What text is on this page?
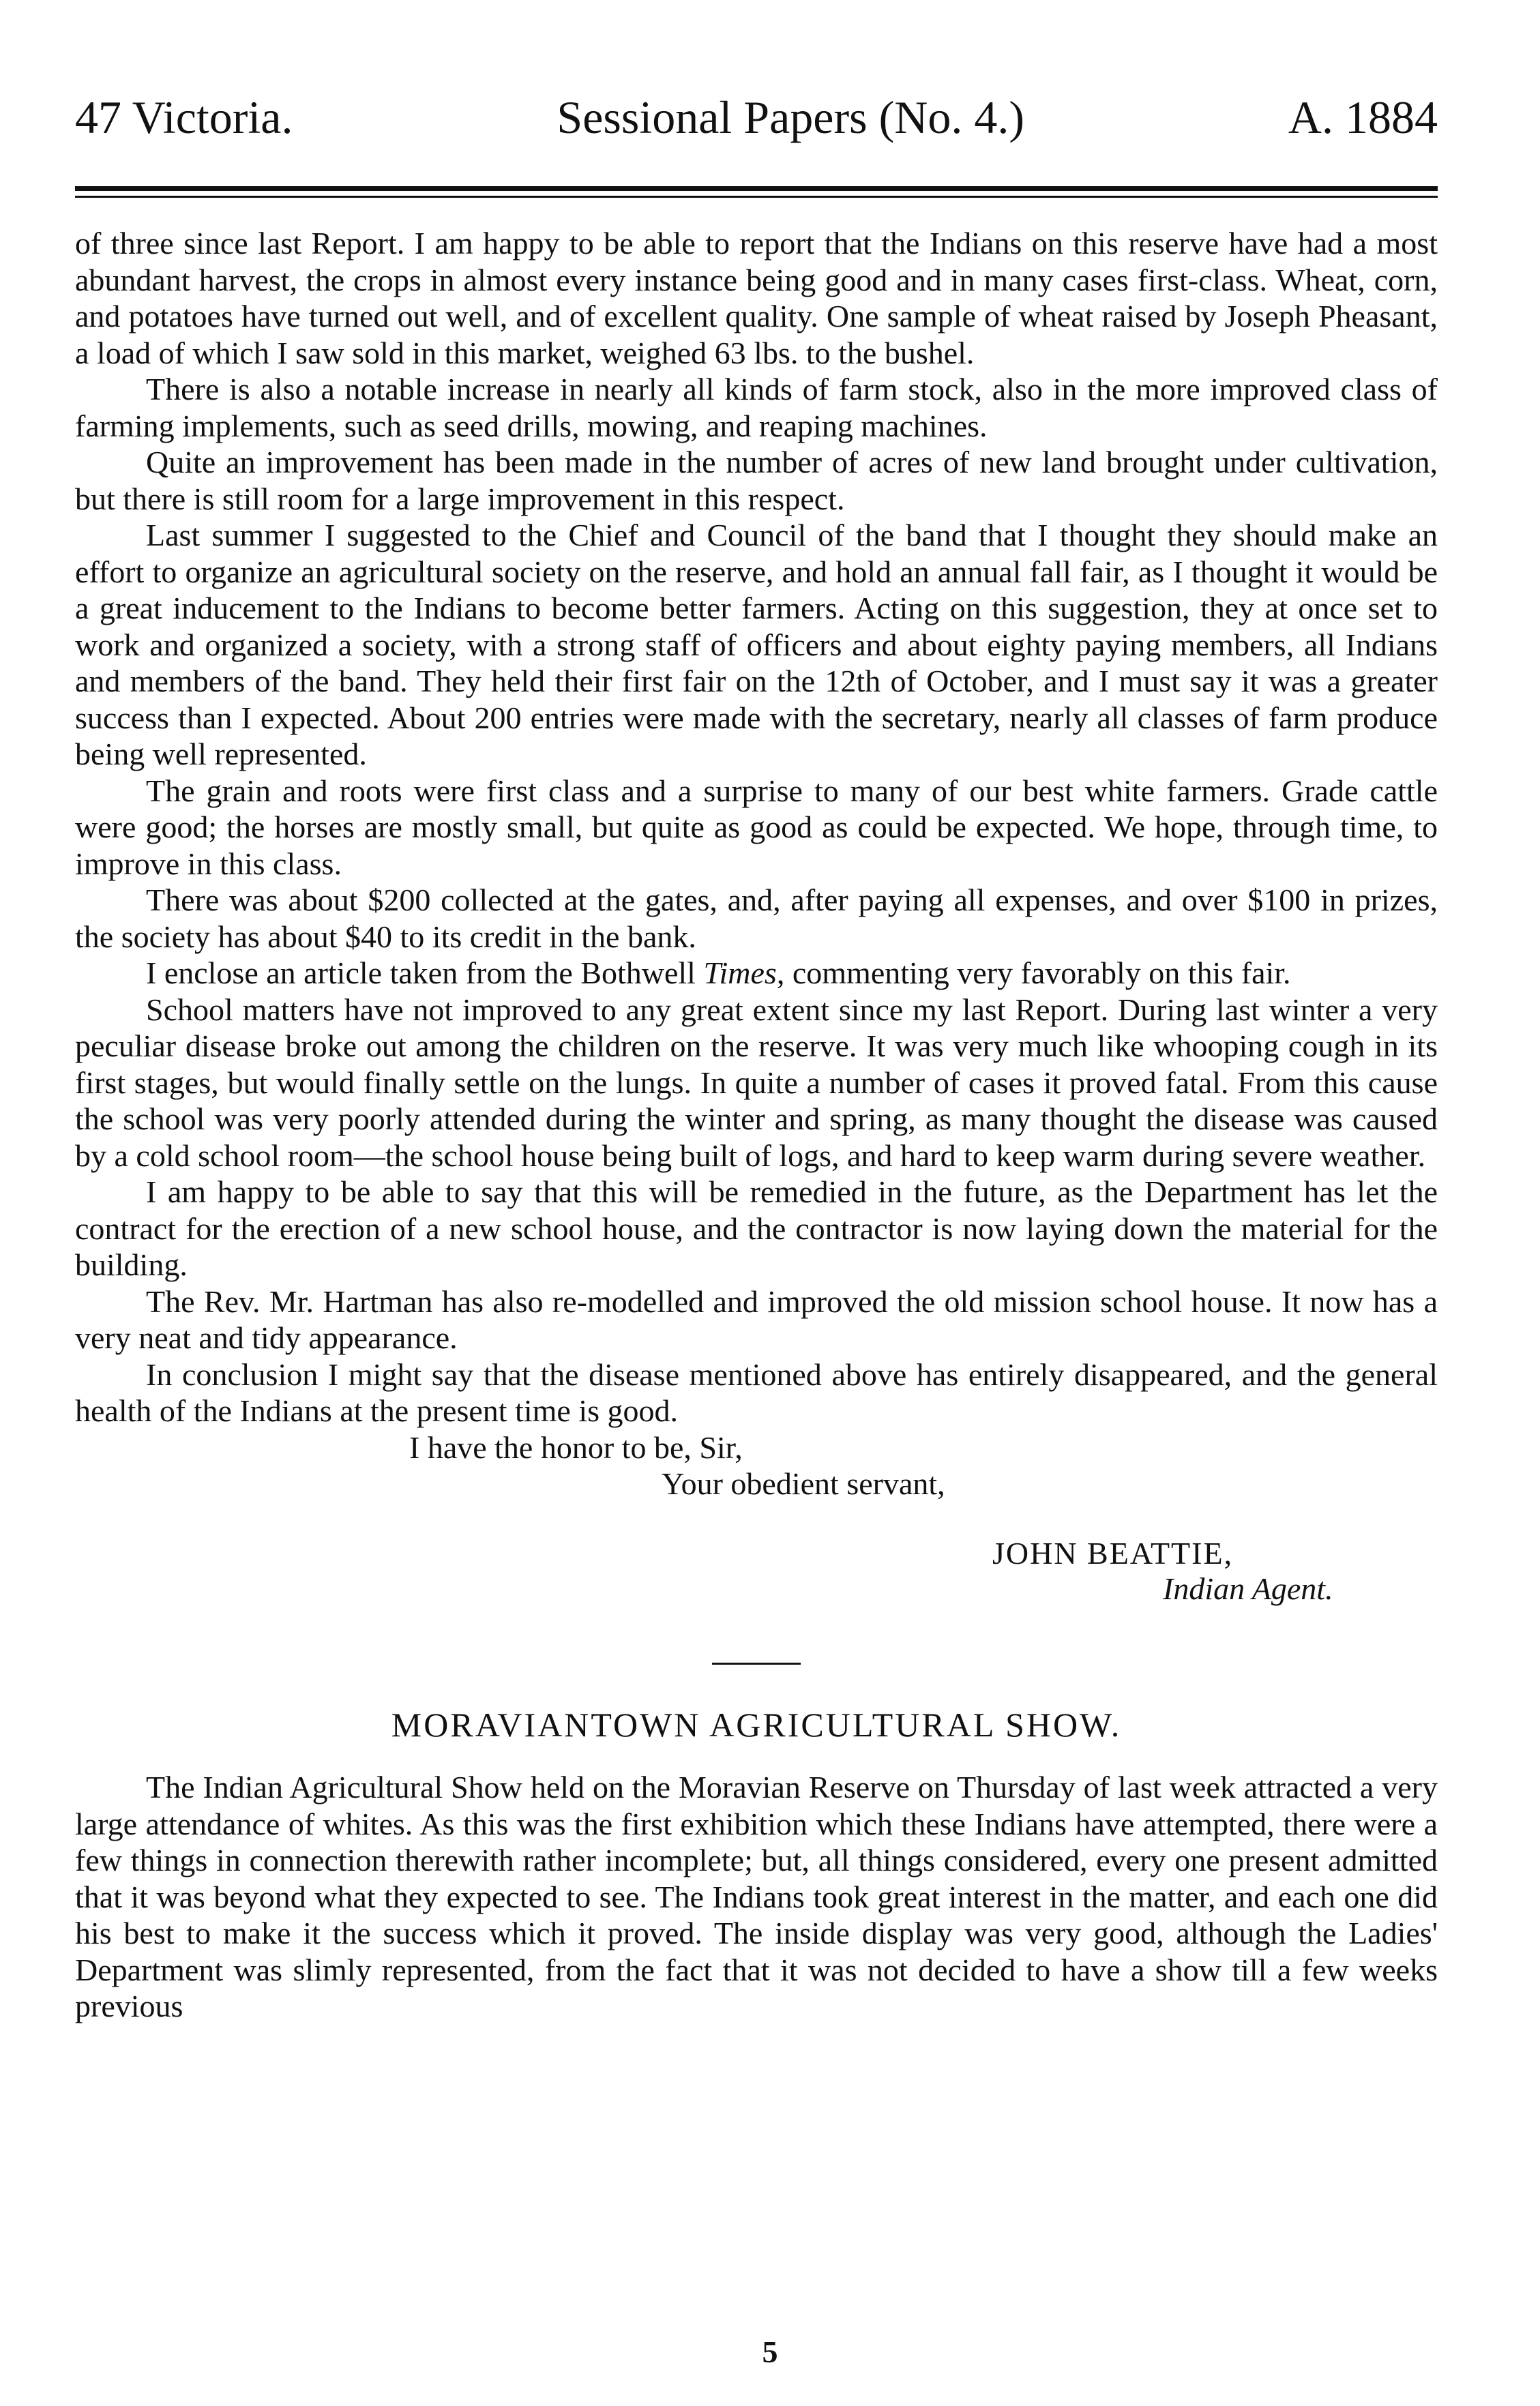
47 Victoria.	Sessional Papers (No. 4.)	A. 1884

of three since last Report. I am happy to be able to report that the Indians on this reserve have had a most abundant harvest, the crops in almost every instance being good and in many cases first-class. Wheat, corn, and potatoes have turned out well, and of excellent quality. One sample of wheat raised by Joseph Pheasant, a load of which I saw sold in this market, weighed 63 lbs. to the bushel.

There is also a notable increase in nearly all kinds of farm stock, also in the more improved class of farming implements, such as seed drills, mowing, and reaping machines.

Quite an improvement has been made in the number of acres of new land brought under cultivation, but there is still room for a large improvement in this respect.

Last summer I suggested to the Chief and Council of the band that I thought they should make an effort to organize an agricultural society on the reserve, and hold an annual fall fair, as I thought it would be a great inducement to the Indians to become better farmers. Acting on this suggestion, they at once set to work and organized a society, with a strong staff of officers and about eighty paying members, all Indians and members of the band. They held their first fair on the 12th of October, and I must say it was a greater success than I expected. About 200 entries were made with the secretary, nearly all classes of farm produce being well represented.

The grain and roots were first class and a surprise to many of our best white farmers. Grade cattle were good; the horses are mostly small, but quite as good as could be expected. We hope, through time, to improve in this class.

There was about $200 collected at the gates, and, after paying all expenses, and over $100 in prizes, the society has about $40 to its credit in the bank.

I enclose an article taken from the Bothwell Times, commenting very favorably on this fair.

School matters have not improved to any great extent since my last Report. During last winter a very peculiar disease broke out among the children on the reserve. It was very much like whooping cough in its first stages, but would finally settle on the lungs. In quite a number of cases it proved fatal. From this cause the school was very poorly attended during the winter and spring, as many thought the disease was caused by a cold school room—the school house being built of logs, and hard to keep warm during severe weather.

I am happy to be able to say that this will be remedied in the future, as the Department has let the contract for the erection of a new school house, and the contractor is now laying down the material for the building.

The Rev. Mr. Hartman has also re-modelled and improved the old mission school house. It now has a very neat and tidy appearance.

In conclusion I might say that the disease mentioned above has entirely disappeared, and the general health of the Indians at the present time is good.

I have the honor to be, Sir,
Your obedient servant,
JOHN BEATTIE,
Indian Agent.
MORAVIANTOWN AGRICULTURAL SHOW.

The Indian Agricultural Show held on the Moravian Reserve on Thursday of last week attracted a very large attendance of whites. As this was the first exhibition which these Indians have attempted, there were a few things in connection therewith rather incomplete; but, all things considered, every one present admitted that it was beyond what they expected to see. The Indians took great interest in the matter, and each one did his best to make it the success which it proved. The inside display was very good, although the Ladies' Department was slimly represented, from the fact that it was not decided to have a show till a few weeks previous

5
